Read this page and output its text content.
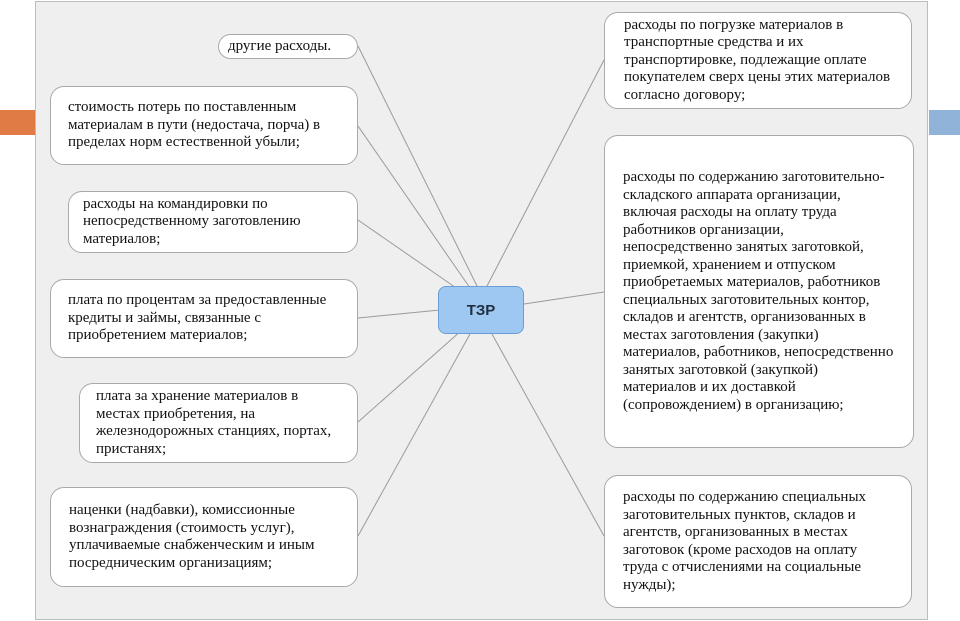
другие расходы.
стоимость потерь по поставленным материалам в пути (недостача, порча) в пределах норм естественной убыли;
расходы на командировки по непосредственному заготовлению материалов;
плата по процентам за предоставленные кредиты и займы, связанные с приобретением материалов;
плата за хранение материалов в местах приобретения, на железнодорожных станциях, портах, пристанях;
наценки (надбавки), комиссионные вознаграждения (стоимость услуг), уплачиваемые снабженческим и иным посредническим организациям;
расходы по погрузке материалов в транспортные средства и их транспортировке, подлежащие оплате покупателем сверх цены этих материалов согласно договору;
расходы по содержанию заготовительно-складского аппарата организации, включая расходы на оплату труда работников организации, непосредственно занятых заготовкой, приемкой, хранением и отпуском приобретаемых материалов, работников специальных заготовительных контор, складов и агентств, организованных в местах заготовления (закупки) материалов, работников, непосредственно занятых заготовкой (закупкой) материалов и их доставкой (сопровождением) в организацию;
расходы по содержанию специальных заготовительных пунктов, складов и агентств, организованных в местах заготовок (кроме расходов на оплату труда с отчислениями на социальные нужды);
ТЗР
